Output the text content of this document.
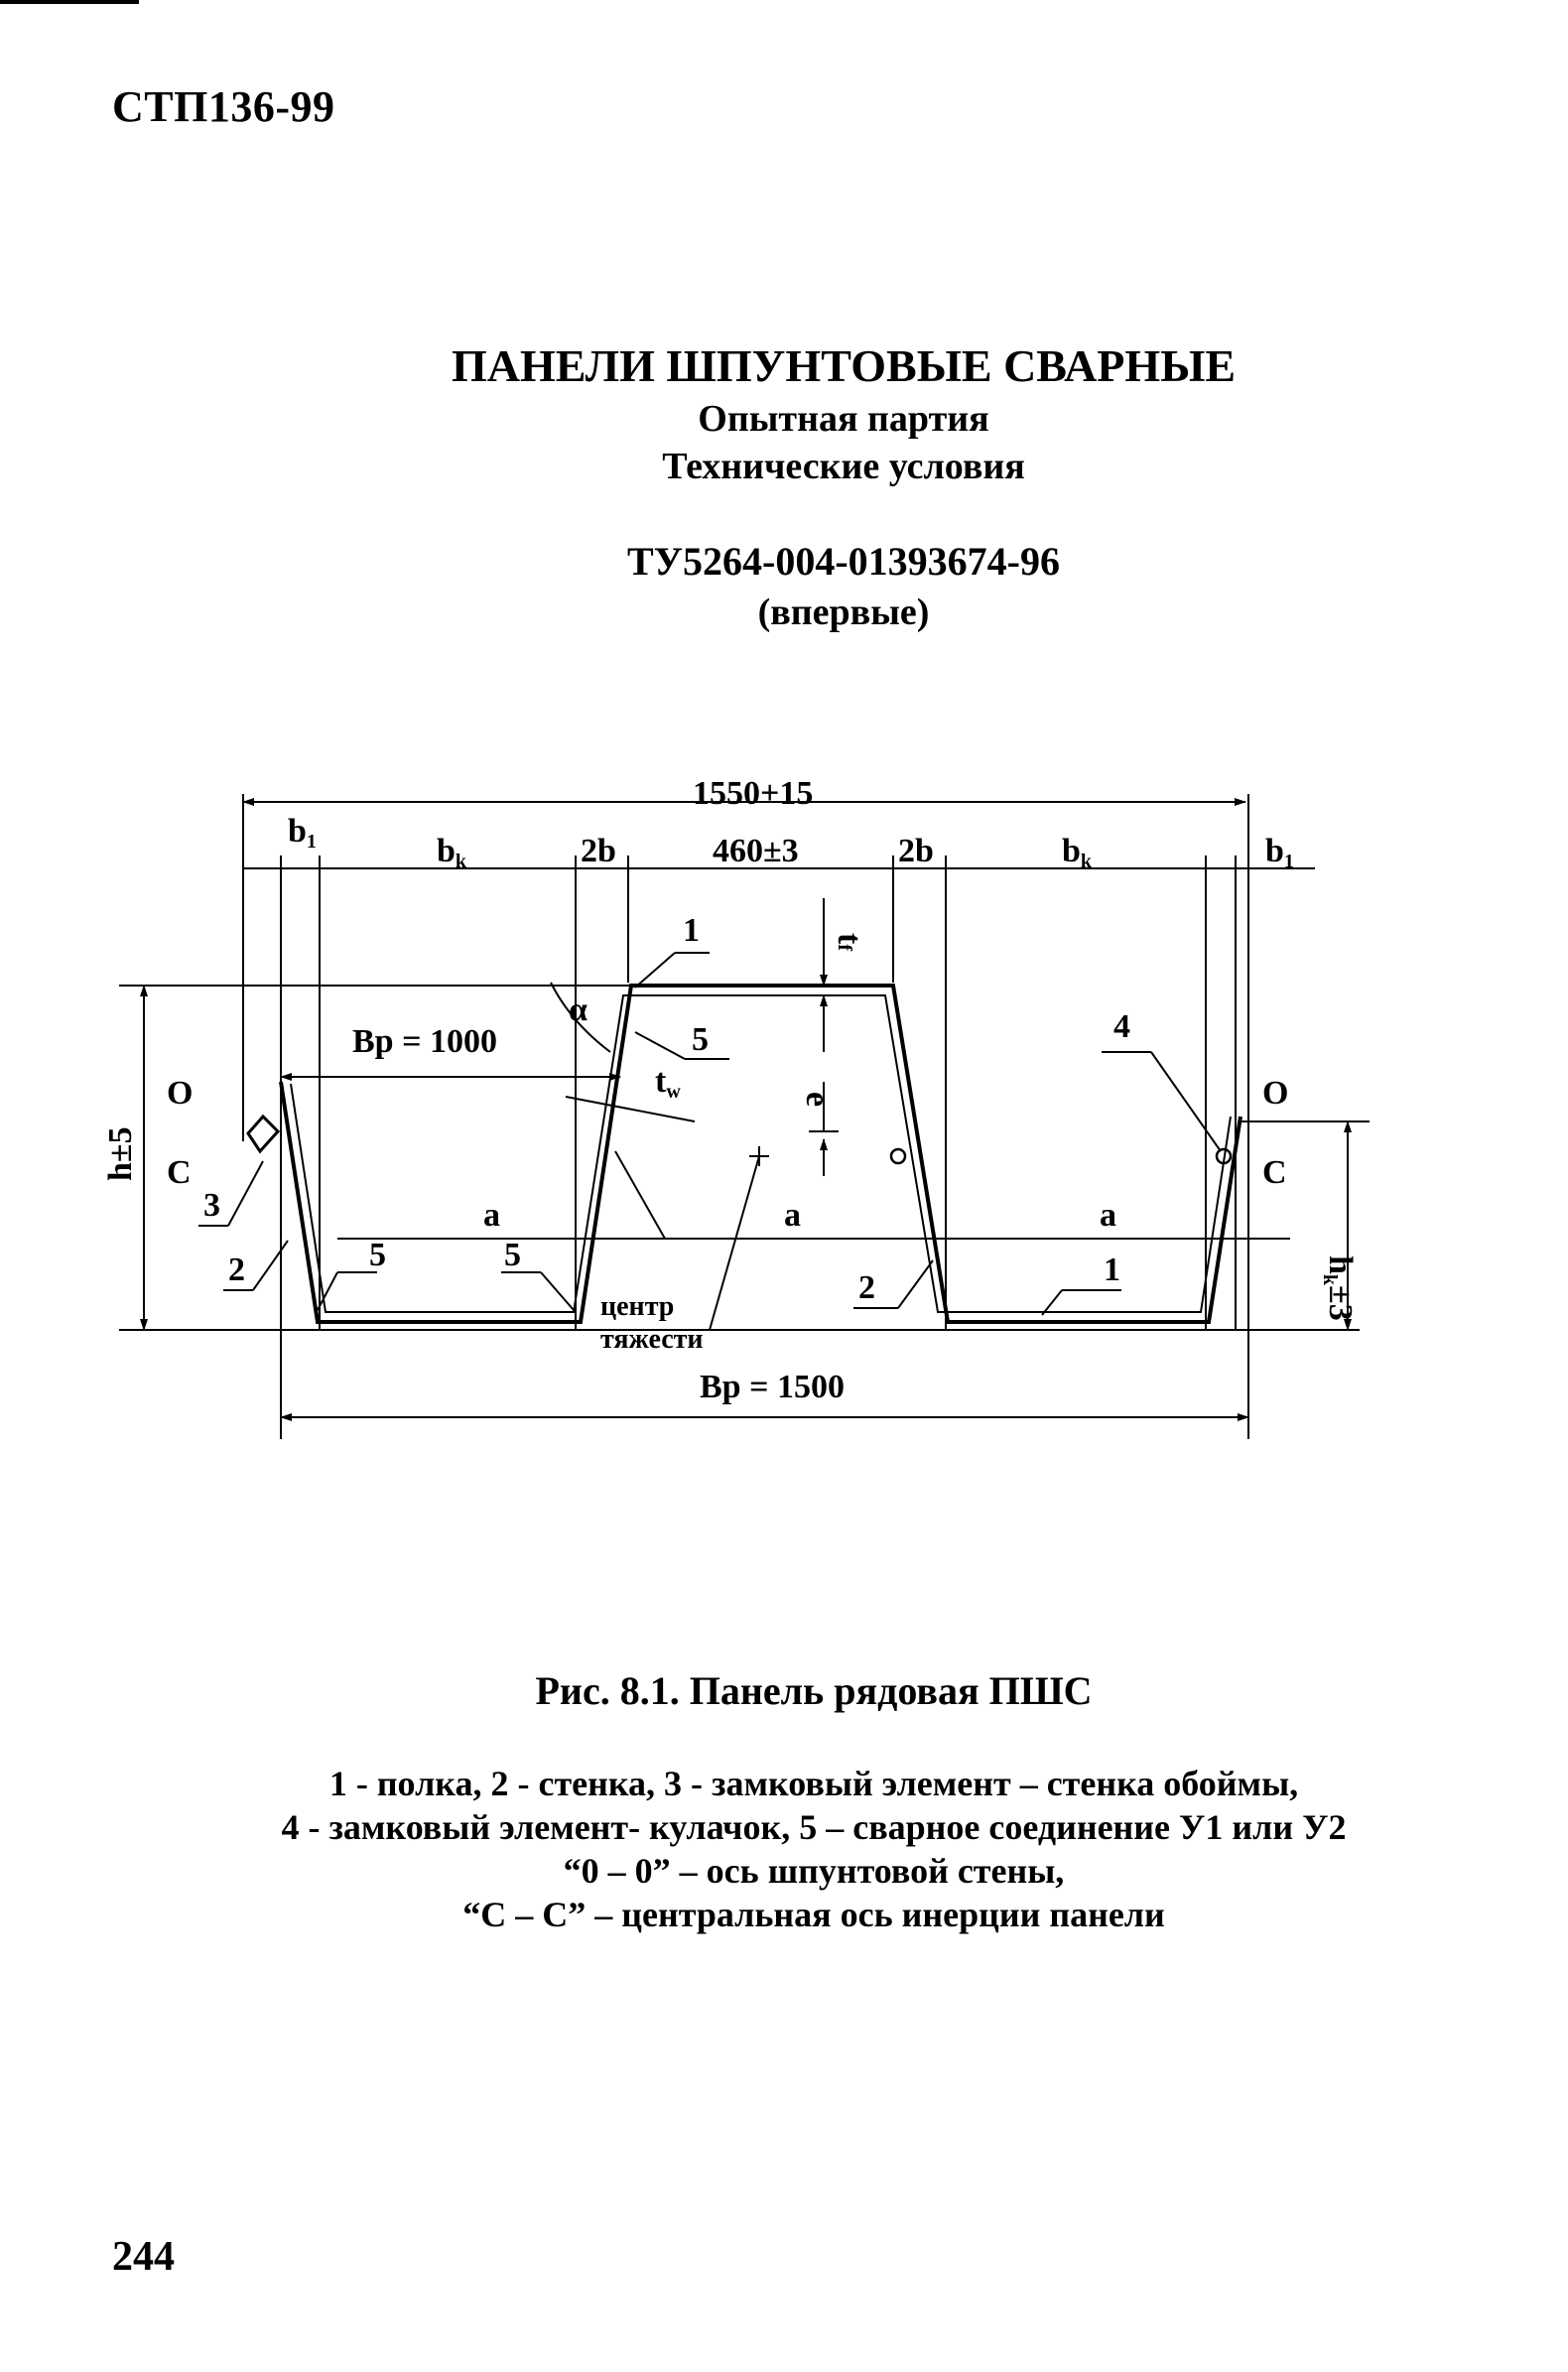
СТП136-99
ПАНЕЛИ ШПУНТОВЫЕ СВАРНЫЕ
Опытная партия
Технические условия
ТУ5264-004-01393674-96
(впервые)
1550+15
b1	bk	2b	460±3	2b	bk	b1
Bp = 1000
Bp = 1500
h±5
hk±3
O
C
O
C
a	a	a
α
tf
tw	e
1
5	4
3
2	2	1
5	5
центр
тяжести
Рис. 8.1. Панель рядовая ПШС
1 - полка, 2 - стенка, 3 - замковый элемент – стенка обоймы,
4 - замковый элемент- кулачок, 5 – сварное соединение У1 или У2
“0 – 0” – ось шпунтовой стены,
“С – С” – центральная ось инерции панели
244
